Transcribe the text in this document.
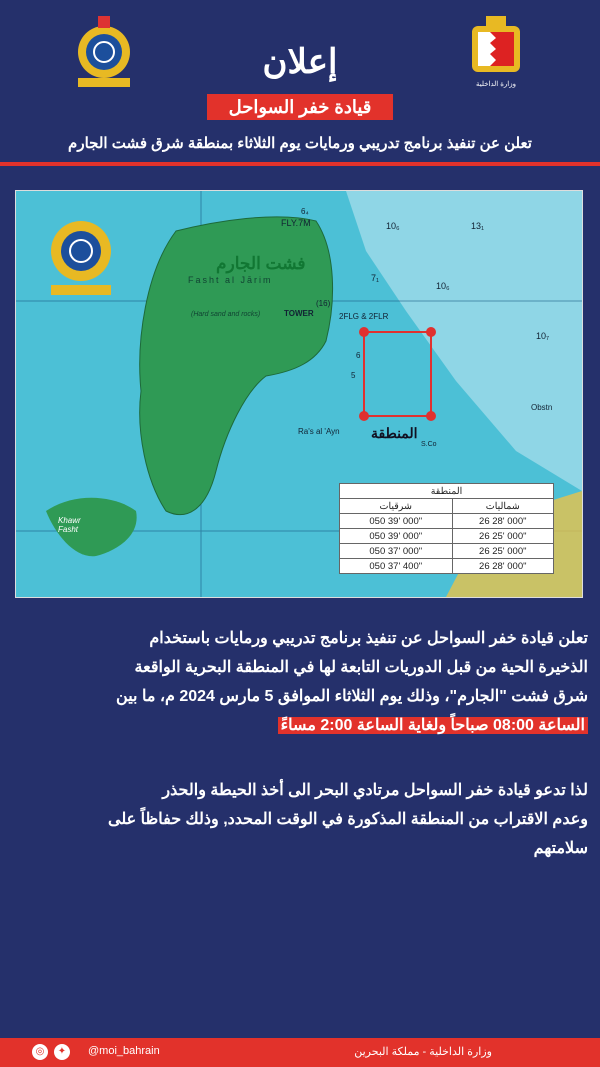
وزارة الداخلية
إعلان
قيادة خفر السواحل
تعلن عن تنفيذ برنامج تدريبي ورمايات يوم الثلاثاء بمنطقة شرق فشت الجارم
FLY.7M
فشت الجارم
Fasht al Jārim
(Hard sand and rocks)
(16)
TOWER	2FLG & 2FLR
Ra's al 'Ayn المنطقة
Khawr Fasht
Obstn
6₄
10₆	13₁
7₁
10₆
10₇
6
5
S.Co
المنطقة	
شرقيات	شماليات
050 39' 000"	26 28' 000"
050 39' 000"	26 25' 000"
050 37' 000"	26 25' 000"
050 37' 400"	26 28' 000"
تعلن قيادة خفر السواحل عن تنفيذ برنامج تدريبي ورمايات باستخدام
الذخيرة الحية من قبل الدوريات التابعة لها في المنطقة البحرية الواقعة
شرق فشت "الجارم"، وذلك يوم الثلاثاء الموافق 5 مارس 2024 م، ما بين
الساعة 08:00 صباحاً ولغاية الساعة 2:00 مساءً
لذا تدعو قيادة خفر السواحل مرتادي البحر الى أخذ الحيطة والحذر
وعدم الاقتراب من المنطقة المذكورة في الوقت المحدد, وذلك حفاظاً على
سلامتهم
◎	✦	@moi_bahrain	وزارة الداخلية - مملكة البحرين
